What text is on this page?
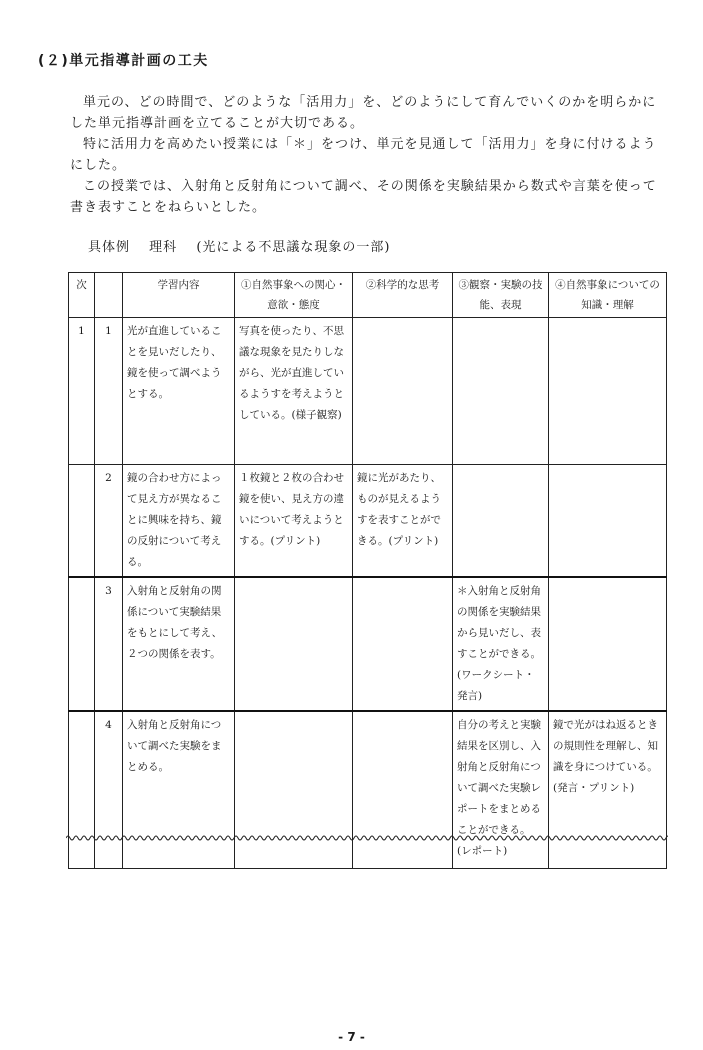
(２)単元指導計画の工夫

単元の、どの時間で、どのような「活用力」を、どのようにして育んでいくのかを明らかにした単元指導計画を立てることが大切である。

特に活用力を高めたい授業には「＊」をつけ、単元を見通して「活用力」を身に付けるようにした。

この授業では、入射角と反射角について調べ、その関係を実験結果から数式や言葉を使って書き表すことをねらいとした。

具体例 理科 (光による不思議な現象の一部)
次		学習内容	①自然事象への関心・意欲・態度	②科学的な思考	③観察・実験の技能、表現	④自然事象についての知識・理解
1	1	光が直進していることを見いだしたり、鏡を使って調べようとする。	写真を使ったり、不思議な現象を見たりしながら、光が直進しているようすを考えようとしている。(様子観察)			
	2	鏡の合わせ方によって見え方が異なることに興味を持ち、鏡の反射について考える。	１枚鏡と２枚の合わせ鏡を使い、見え方の違いについて考えようとする。(プリント)	鏡に光があたり、ものが見えるようすを表すことができる。(プリント)		
	3	入射角と反射角の関係について実験結果をもとにして考え、２つの関係を表す。			＊入射角と反射角の関係を実験結果から見いだし、表すことができる。(ワークシート・発言)	
	4	入射角と反射角について調べた実験をまとめる。			自分の考えと実験結果を区別し、入射角と反射角について調べた実験レポートをまとめることができる。(レポート)	鏡で光がはね返るときの規則性を理解し、知識を身につけている。(発言・プリント)
- 7 -
